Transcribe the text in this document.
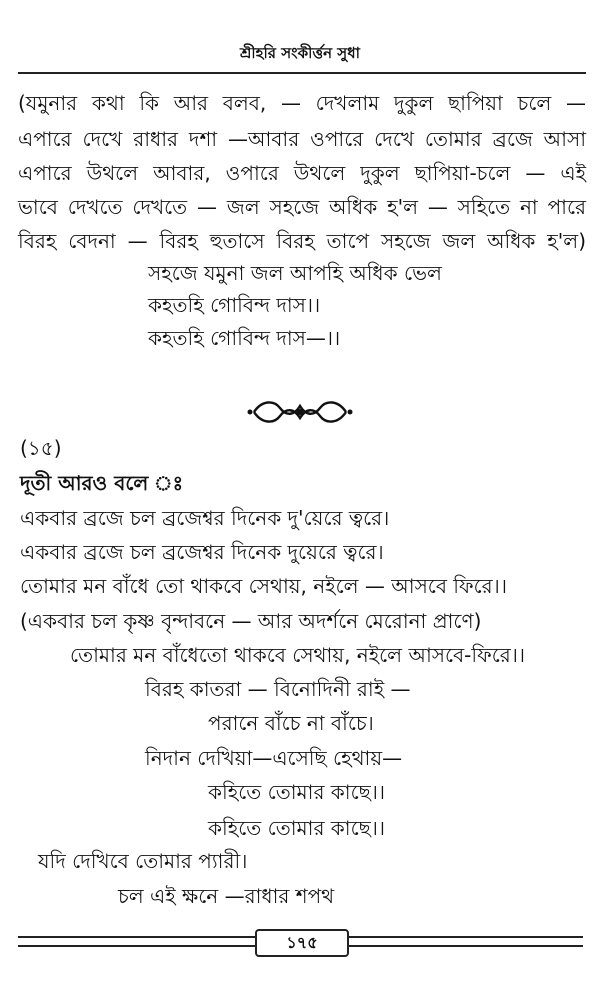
শ্রীহরি সংকীর্ত্তন সুধা
(যমুনার কথা কি আর বলব, — দেখলাম দুকুল ছাপিয়া চলে —
এপারে দেখে রাধার দশা —আবার ওপারে দেখে তোমার ব্রজে আসা
এপারে উথলে আবার, ওপারে উথলে দুকুল ছাপিয়া-চলে — এই
ভাবে দেখতে দেখতে — জল সহজে অধিক হ'ল — সহিতে না পারে
বিরহ বেদনা — বিরহ হুতাসে বিরহ তাপে সহজে জল অধিক হ'ল)
সহজে যমুনা জল আপহি অধিক ভেল
কহতহি গোবিন্দ দাস।।
কহতহি গোবিন্দ দাস—।।
(১৫)
দূতী আরও বলে ঃ
একবার ব্রজে চল ব্রজেশ্বর দিনেক দু'য়েরে ত্বরে।
একবার ব্রজে চল ব্রজেশ্বর দিনেক দুয়েরে ত্বরে।
তোমার মন বাঁধে তো থাকবে সেথায়, নইলে — আসবে ফিরে।।
(একবার চল কৃষ্ণ বৃন্দাবনে — আর অদর্শনে মেরোনা প্রাণে)
তোমার মন বাঁধেতো থাকবে সেথায়, নইলে আসবে-ফিরে।।
বিরহ কাতরা — বিনোদিনী রাই —
পরানে বাঁচে না বাঁচে।
নিদান দেখিয়া—এসেছি হেথায়—
কহিতে তোমার কাছে।।
কহিতে তোমার কাছে।।
যদি দেখিবে তোমার প্যারী।
চল এই ক্ষনে —রাধার শপথ
১৭৫
